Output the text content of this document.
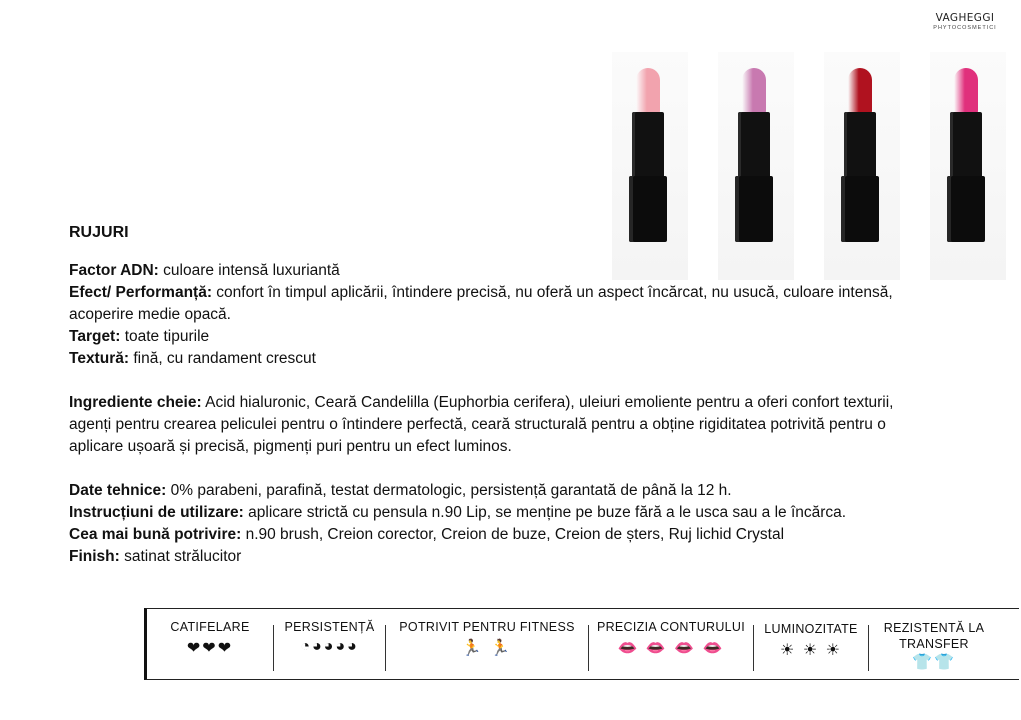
VAGHEGGI
PHYTOCOSMETICI
RUJURI

Factor ADN: culoare intensă luxuriantă

Efect/ Performanță: confort în timpul aplicării, întindere precisă, nu oferă un aspect încărcat, nu usucă, culoare intensă, acoperire medie opacă.

Target: toate tipurile

Textură: fină, cu randament crescut

Ingrediente cheie: Acid hialuronic, Ceară Candelilla (Euphorbia cerifera), uleiuri emoliente pentru a oferi confort texturii, agenți pentru crearea peliculei pentru o întindere perfectă, ceară structurală pentru a obține rigiditatea potrivită pentru o aplicare ușoară și precisă, pigmenți puri pentru un efect luminos.

Date tehnice: 0% parabeni, parafină, testat dermatologic, persistență garantată de până la 12 h.

Instrucțiuni de utilizare: aplicare strictă cu pensula n.90 Lip, se menține pe buze fără a le usca sau a le încărca.

Cea mai bună potrivire: n.90 brush, Creion corector, Creion de buze, Creion de șters, Ruj lichid Crystal

Finish: satinat strălucitor

CATIFELARE
❤❤❤
PERSISTENȚĂ
◔◕◕◕◕
POTRIVIT PENTRU FITNESS
🏃 🏃
PRECIZIA CONTURULUI
👄 👄 👄 👄
LUMINOZITATE
☀ ☀ ☀
REZISTENTĂ LA TRANSFER
👕👕
